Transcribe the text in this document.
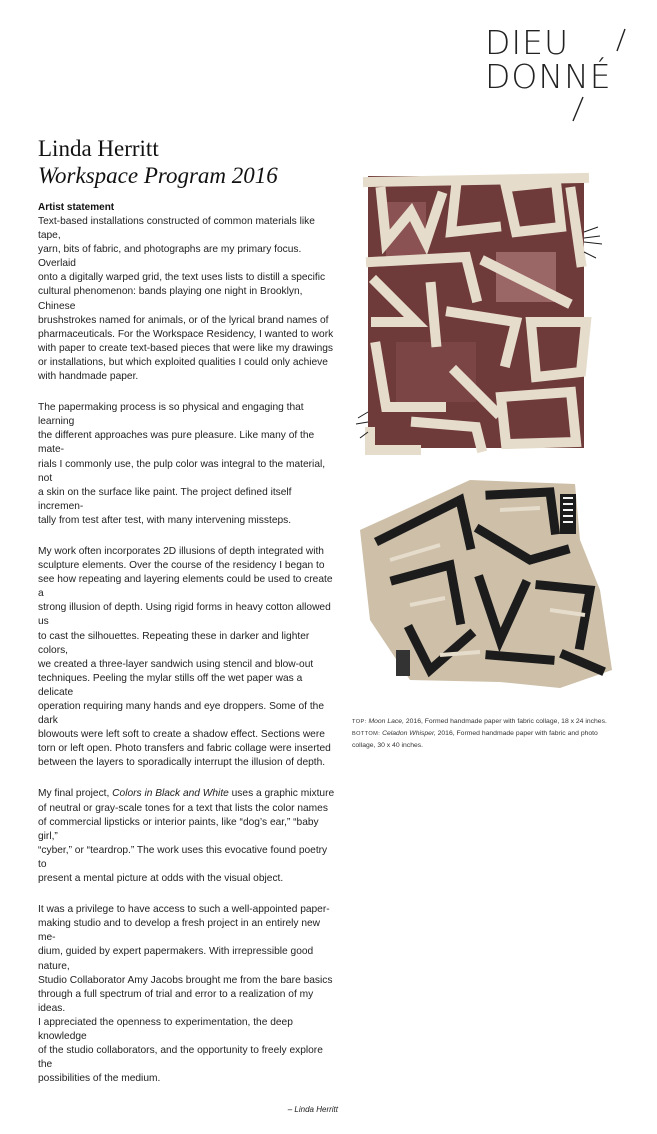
DIEU
DONNÉ
Linda Herritt
Workspace Program 2016
Artist statement

Text-based installations constructed of common materials like tape,
yarn, bits of fabric, and photographs are my primary focus. Overlaid
onto a digitally warped grid, the text uses lists to distill a specific
cultural phenomenon: bands playing one night in Brooklyn, Chinese
brushstrokes named for animals, or of the lyrical brand names of
pharmaceuticals. For the Workspace Residency, I wanted to work
with paper to create text-based pieces that were like my drawings
or installations, but which exploited qualities I could only achieve
with handmade paper.

The papermaking process is so physical and engaging that learning
the different approaches was pure pleasure. Like many of the mate-
rials I commonly use, the pulp color was integral to the material, not
a skin on the surface like paint. The project defined itself incremen-
tally from test after test, with many intervening missteps.

My work often incorporates 2D illusions of depth integrated with
sculpture elements. Over the course of the residency I began to
see how repeating and layering elements could be used to create a
strong illusion of depth. Using rigid forms in heavy cotton allowed us
to cast the silhouettes. Repeating these in darker and lighter colors,
we created a three-layer sandwich using stencil and blow-out
techniques. Peeling the mylar stills off the wet paper was a delicate
operation requiring many hands and eye droppers. Some of the dark
blowouts were left soft to create a shadow effect. Sections were
torn or left open. Photo transfers and fabric collage were inserted
between the layers to sporadically interrupt the illusion of depth.

My final project, Colors in Black and White uses a graphic mixture
of neutral or gray-scale tones for a text that lists the color names
of commercial lipsticks or interior paints, like “dog’s ear,” “baby girl,”
“cyber,” or “teardrop.” The work uses this evocative found poetry to
present a mental picture at odds with the visual object.

It was a privilege to have access to such a well-appointed paper-
making studio and to develop a fresh project in an entirely new me-
dium, guided by expert papermakers. With irrepressible good nature,
Studio Collaborator Amy Jacobs brought me from the bare basics
through a full spectrum of trial and error to a realization of my ideas.
I appreciated the openness to experimentation, the deep knowledge
of the studio collaborators, and the opportunity to freely explore the
possibilities of the medium.

– Linda Herritt

TOP: Moon Lace, 2016, Formed handmade paper with fabric collage, 18 x 24 inches.
BOTTOM: Celadon Whisper, 2016, Formed handmade paper with fabric and photo
collage, 30 x 40 inches.
